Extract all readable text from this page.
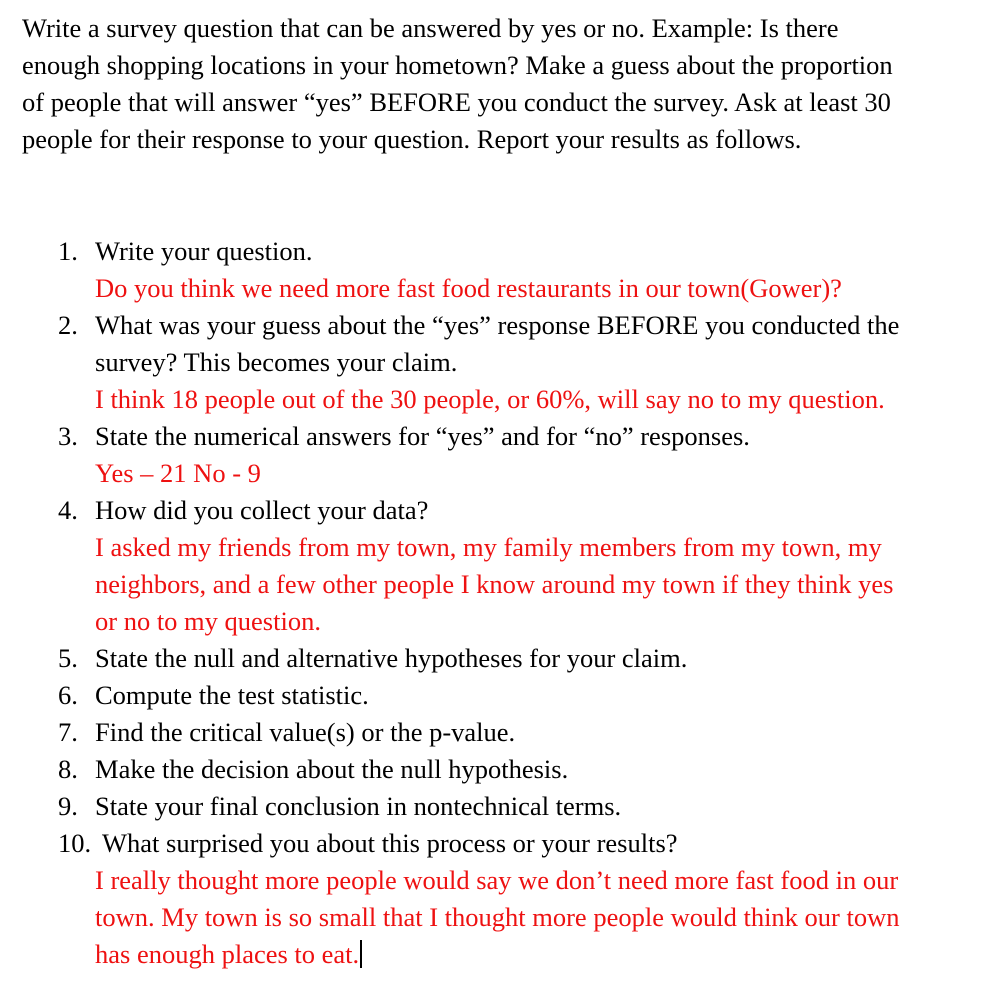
Write a survey question that can be answered by yes or no. Example: Is there
enough shopping locations in your hometown? Make a guess about the proportion
of people that will answer “yes” BEFORE you conduct the survey. Ask at least 30
people for their response to your question. Report your results as follows.

1. Write your question.
Do you think we need more fast food restaurants in our town(Gower)?
2. What was your guess about the “yes” response BEFORE you conducted the
survey? This becomes your claim.
I think 18 people out of the 30 people, or 60%, will say no to my question.
3. State the numerical answers for “yes” and for “no” responses.
Yes – 21 No - 9
4. How did you collect your data?
I asked my friends from my town, my family members from my town, my
neighbors, and a few other people I know around my town if they think yes
or no to my question.
5. State the null and alternative hypotheses for your claim.
6. Compute the test statistic.
7. Find the critical value(s) or the p-value.
8. Make the decision about the null hypothesis.
9. State your final conclusion in nontechnical terms.
10. What surprised you about this process or your results?
I really thought more people would say we don’t need more fast food in our
town. My town is so small that I thought more people would think our town
has enough places to eat.
